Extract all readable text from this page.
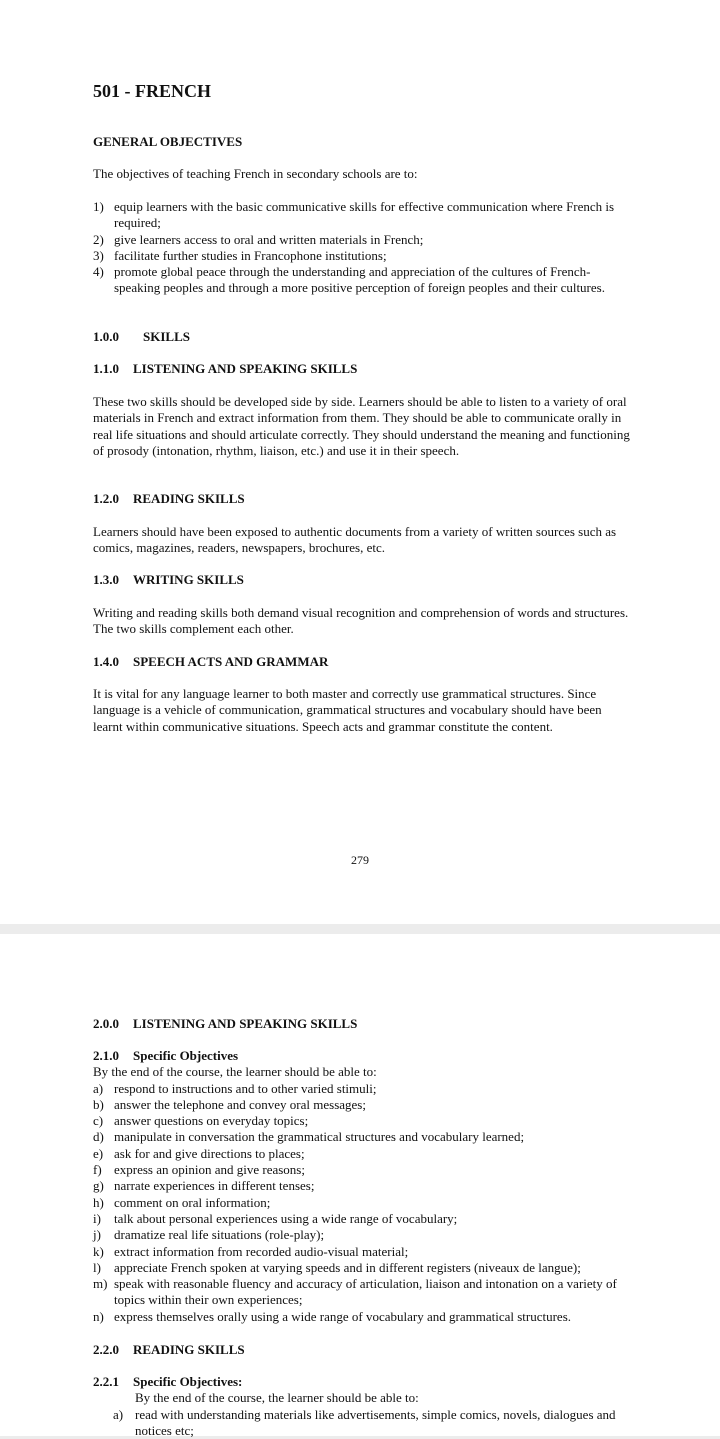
501 - FRENCH
GENERAL OBJECTIVES
The objectives of teaching French in secondary schools are to:
1) equip learners with the basic communicative skills for effective communication where French is required;
2) give learners access to oral and written materials in French;
3) facilitate further studies in Francophone institutions;
4) promote global peace through the understanding and appreciation of the cultures of French-speaking peoples and through a more positive perception of foreign peoples and their cultures.
1.0.0 SKILLS
1.1.0 LISTENING AND SPEAKING SKILLS
These two skills should be developed side by side. Learners should be able to listen to a variety of oral materials in French and extract information from them. They should be able to communicate orally in real life situations and should articulate correctly. They should understand the meaning and functioning of prosody (intonation, rhythm, liaison, etc.) and use it in their speech.
1.2.0 READING SKILLS
Learners should have been exposed to authentic documents from a variety of written sources such as comics, magazines, readers, newspapers, brochures, etc.
1.3.0 WRITING SKILLS
Writing and reading skills both demand visual recognition and comprehension of words and structures. The two skills complement each other.
1.4.0 SPEECH ACTS AND GRAMMAR
It is vital for any language learner to both master and correctly use grammatical structures. Since language is a vehicle of communication, grammatical structures and vocabulary should have been learnt within communicative situations. Speech acts and grammar constitute the content.
279
2.0.0 LISTENING AND SPEAKING SKILLS
2.1.0 Specific Objectives
By the end of the course, the learner should be able to:
a) respond to instructions and to other varied stimuli;
b) answer the telephone and convey oral messages;
c) answer questions on everyday topics;
d) manipulate in conversation the grammatical structures and vocabulary learned;
e) ask for and give directions to places;
f) express an opinion and give reasons;
g) narrate experiences in different tenses;
h) comment on oral information;
i) talk about personal experiences using a wide range of vocabulary;
j) dramatize real life situations (role-play);
k) extract information from recorded audio-visual material;
l) appreciate French spoken at varying speeds and in different registers (niveaux de langue);
m) speak with reasonable fluency and accuracy of articulation, liaison and intonation on a variety of topics within their own experiences;
n) express themselves orally using a wide range of vocabulary and grammatical structures.
2.2.0 READING SKILLS
2.2.1 Specific Objectives:
By the end of the course, the learner should be able to:
a) read with understanding materials like advertisements, simple comics, novels, dialogues and notices etc;
